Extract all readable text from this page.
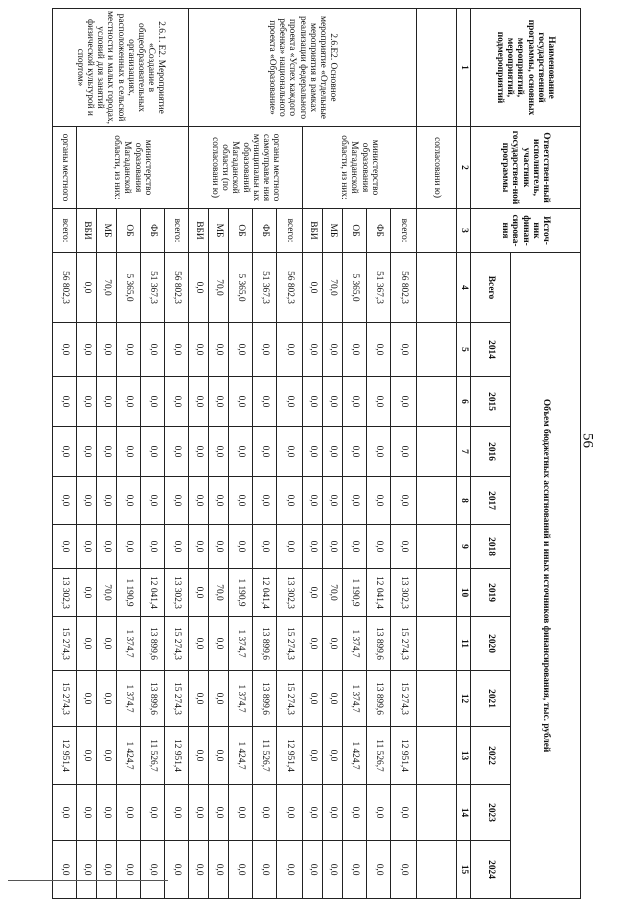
56
Наименование государственной программы, основных мероприятий, мероприятий, подмероприятий	Ответствен-ный исполнитель, участник государствен-ной программы	Источ-ник финан-сирова-ния	Объем бюджетных ассигнований и иных источников финансирования, тыс. рублей											
			Всего	2014	2015	2016	2017	2018	2019	2020	2021	2022	2023	2024
1	2	3	4	5	6	7	8	9	10	11	12	13	14	15
	согласовани ю)													
2.6.Е2. Основное мероприятие «Отдельные мероприятия в рамках реализации федерального проекта «Успех каждого ребенка» национального проекта «Образование»	министерство образования Магаданской области, из них:	всего:	56 802,3	0,0	0,0	0,0	0,0	0,0	13 302,3	15 274,3	15 274,3	12 951,4	0,0	0,0
		ФБ	51 367,3	0,0	0,0	0,0	0,0	0,0	12 041,4	13 899,6	13 899,6	11 526,7	0,0	0,0
		ОБ	5 365,0	0,0	0,0	0,0	0,0	0,0	1 190,9	1 374,7	1 374,7	1 424,7	0,0	0,0
		МБ	70,0	0,0	0,0	0,0	0,0	0,0	70,0	0,0	0,0	0,0	0,0	0,0
		ВБИ	0,0	0,0	0,0	0,0	0,0	0,0	0,0	0,0	0,0	0,0	0,0	0,0
	органы местного самоуправле ния муниципальн ых образований Магаданской области (по согласовани ю)	всего:	56 802,3	0,0	0,0	0,0	0,0	0,0	13 302,3	15 274,3	15 274,3	12 951,4	0,0	0,0
		ФБ	51 367,3	0,0	0,0	0,0	0,0	0,0	12 041,4	13 899,6	13 899,6	11 526,7	0,0	0,0
		ОБ	5 365,0	0,0	0,0	0,0	0,0	0,0	1 190,9	1 374,7	1 374,7	1 424,7	0,0	0,0
		МБ	70,0	0,0	0,0	0,0	0,0	0,0	70,0	0,0	0,0	0,0	0,0	0,0
		ВБИ	0,0	0,0	0,0	0,0	0,0	0,0	0,0	0,0	0,0	0,0	0,0	0,0
2.6.1. Е2. Мероприятие «Создание в общеобразовательных организациях, расположенных в сельской местности и малых городах, условий для занятий физической культурой и спортом»	министерство образования Магаданской области, из них:	всего:	56 802,3	0,0	0,0	0,0	0,0	0,0	13 302,3	15 274,3	15 274,3	12 951,4	0,0	0,0
		ФБ	51 367,3	0,0	0,0	0,0	0,0	0,0	12 041,4	13 899,6	13 899,6	11 526,7	0,0	0,0
		ОБ	5 365,0	0,0	0,0	0,0	0,0	0,0	1 190,9	1 374,7	1 374,7	1 424,7	0,0	0,0
		МБ	70,0	0,0	0,0	0,0	0,0	0,0	70,0	0,0	0,0	0,0	0,0	0,0
		ВБИ	0,0	0,0	0,0	0,0	0,0	0,0	0,0	0,0	0,0	0,0	0,0	0,0
	органы местного	всего:	56 802,3	0,0	0,0	0,0	0,0	0,0	13 302,3	15 274,3	15 274,3	12 951,4	0,0	0,0
